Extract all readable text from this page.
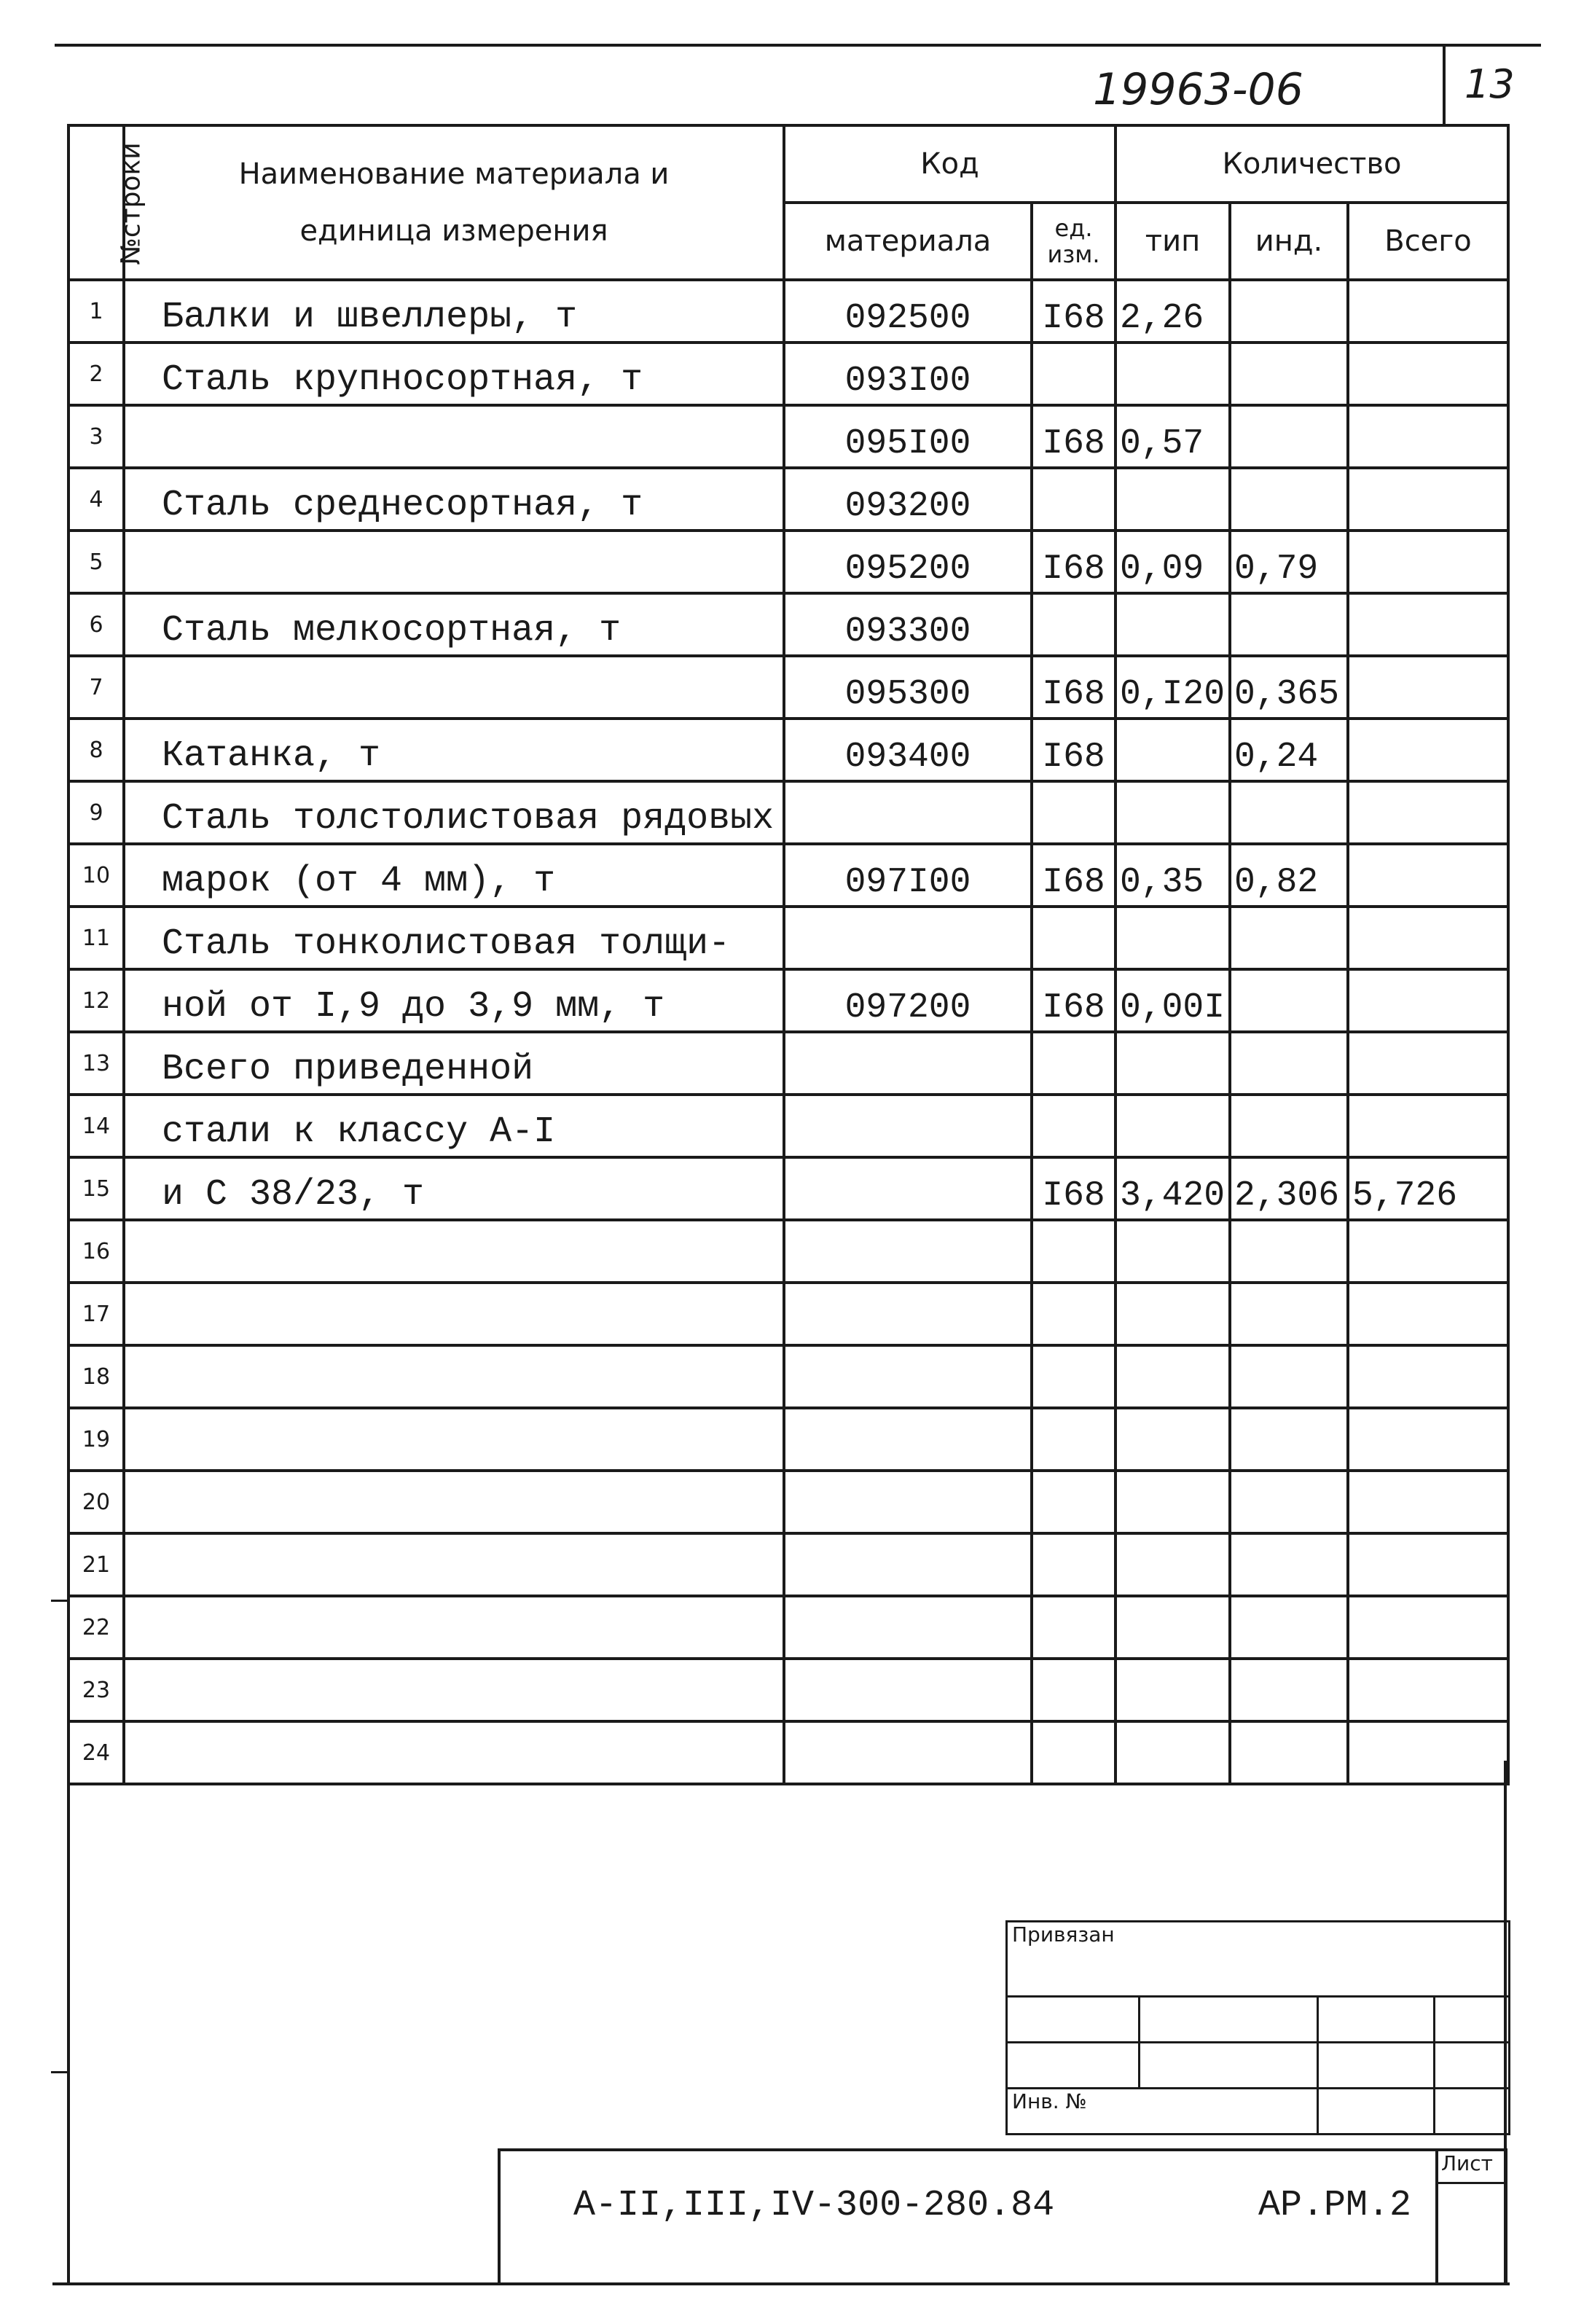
19963-06	13
№строки	Наименование материала и единица измерения	Код		Количество		
		материала	ед. изм.	тип	инд.	Всего
1	Балки и швеллеры, т	092500	I68	2,26		
2	Сталь крупносортная, т	093I00				
3		095I00	I68	0,57		
4	Сталь среднесортная, т	093200				
5		095200	I68	0,09	0,79	
6	Сталь мелкосортная, т	093300				
7		095300	I68	0,I20	0,365	
8	Катанка, т	093400	I68		0,24	
9	Сталь толстолистовая рядовых					
10	марок (от 4 мм), т	097I00	I68	0,35	0,82	
11	Сталь тонколистовая толщи-					
12	ной от I,9 до 3,9 мм, т	097200	I68	0,00I		
13	Всего приведенной					
14	стали к классу А-I					
15	и С 38/23, т		I68	3,420	2,306	5,726
16						
17						
18						
19						
20						
21						
22						
23						
24						
Привязан			

Инв. №			
А-II,III,IV-300-280.84	АР.РМ.2
Лист
